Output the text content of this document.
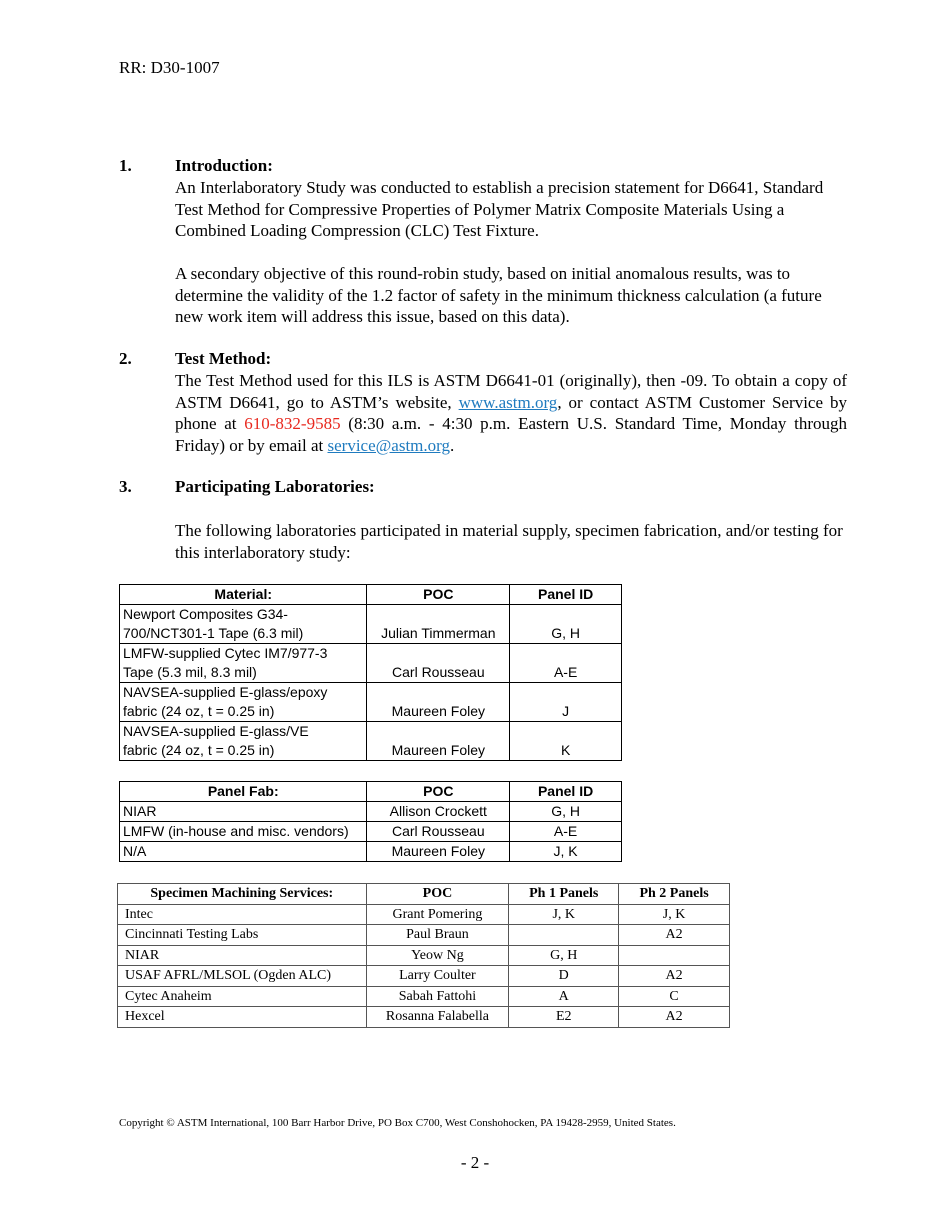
RR: D30-1007
1.	Introduction:
An Interlaboratory Study was conducted to establish a precision statement for D6641, Standard Test Method for Compressive Properties of Polymer Matrix Composite Materials Using a Combined Loading Compression (CLC) Test Fixture.
A secondary objective of this round-robin study, based on initial anomalous results, was to determine the validity of the 1.2 factor of safety in the minimum thickness calculation (a future new work item will address this issue, based on this data).
2.	Test Method:
The Test Method used for this ILS is ASTM D6641-01 (originally), then -09. To obtain a copy of ASTM D6641, go to ASTM’s website, www.astm.org, or contact ASTM Customer Service by phone at 610-832-9585 (8:30 a.m. - 4:30 p.m. Eastern U.S. Standard Time, Monday through Friday) or by email at service@astm.org.
3.	Participating Laboratories:
The following laboratories participated in material supply, specimen fabrication, and/or testing for this interlaboratory study:
Material:	POC	Panel ID

Newport Composites G34-
700/NCT301-1 Tape (6.3 mil)	Julian Timmerman	G, H

LMFW-supplied Cytec IM7/977-3
Tape (5.3 mil, 8.3 mil)	Carl Rousseau	A-E

NAVSEA-supplied E-glass/epoxy
fabric (24 oz, t = 0.25 in)	Maureen Foley	J

NAVSEA-supplied E-glass/VE
fabric (24 oz, t = 0.25 in)	Maureen Foley	K
Panel Fab:	POC	Panel ID
NIAR	Allison Crockett	G, H
LMFW (in-house and misc. vendors)	Carl Rousseau	A-E
N/A	Maureen Foley	J, K
Specimen Machining Services:	POC	Ph 1 Panels	Ph 2 Panels
Intec	Grant Pomering	J, K	J, K
Cincinnati Testing Labs	Paul Braun		A2
NIAR	Yeow Ng	G, H	
USAF AFRL/MLSOL (Ogden ALC)	Larry Coulter	D	A2
Cytec Anaheim	Sabah Fattohi	A	C
Hexcel	Rosanna Falabella	E2	A2
Copyright © ASTM International, 100 Barr Harbor Drive, PO Box C700, West Conshohocken, PA 19428-2959, United States.
- 2 -
